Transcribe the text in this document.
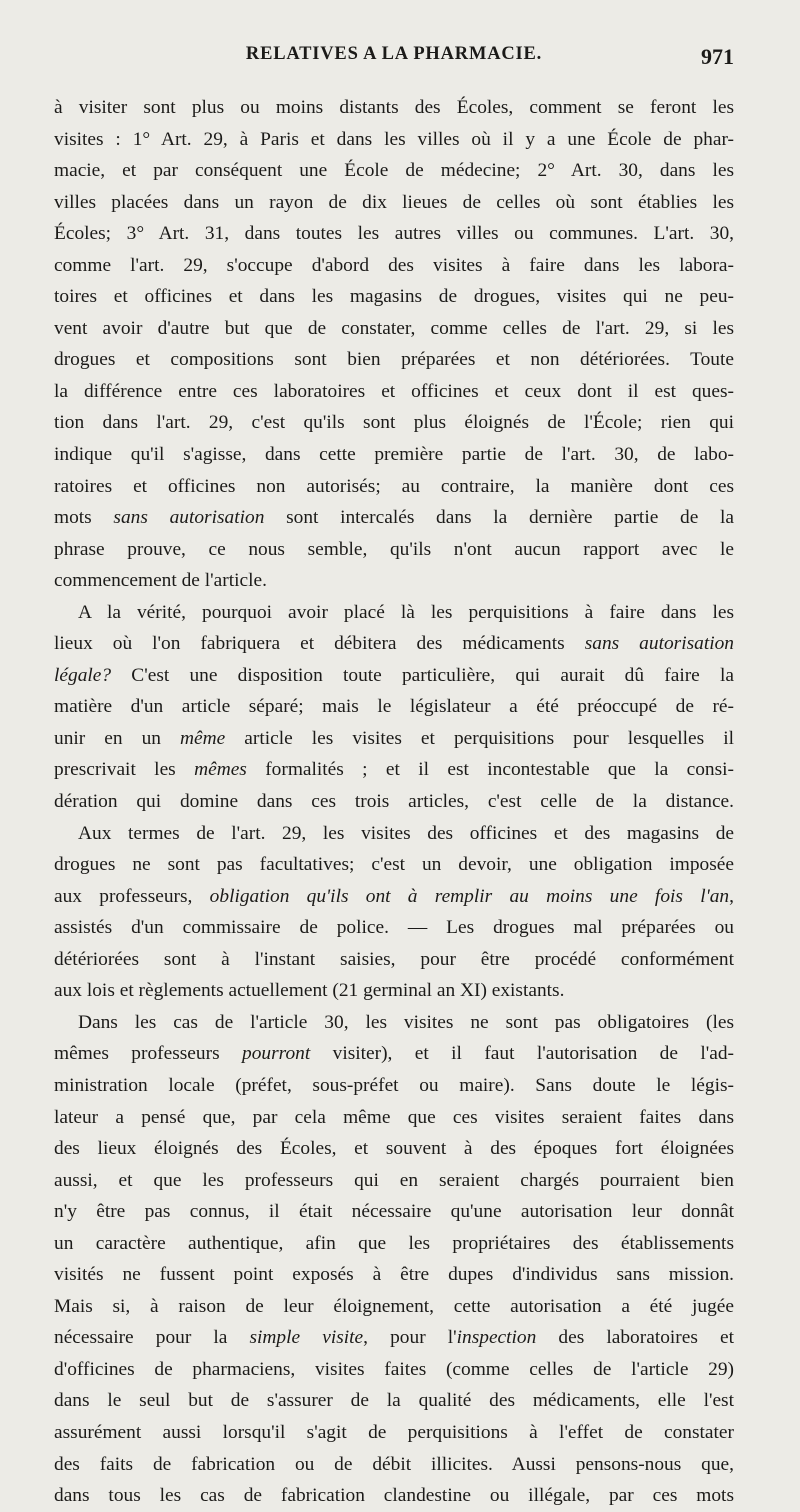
RELATIVES A LA PHARMACIE.	971
à visiter sont plus ou moins distants des Écoles, comment se feront les
visites : 1° Art. 29, à Paris et dans les villes où il y a une École de phar-
macie, et par conséquent une École de médecine; 2° Art. 30, dans les
villes placées dans un rayon de dix lieues de celles où sont établies les
Écoles; 3° Art. 31, dans toutes les autres villes ou communes. L'art. 30,
comme l'art. 29, s'occupe d'abord des visites à faire dans les labora-
toires et officines et dans les magasins de drogues, visites qui ne peu-
vent avoir d'autre but que de constater, comme celles de l'art. 29, si les
drogues et compositions sont bien préparées et non détériorées. Toute
la différence entre ces laboratoires et officines et ceux dont il est ques-
tion dans l'art. 29, c'est qu'ils sont plus éloignés de l'École; rien qui
indique qu'il s'agisse, dans cette première partie de l'art. 30, de labo-
ratoires et officines non autorisés; au contraire, la manière dont ces
mots sans autorisation sont intercalés dans la dernière partie de la
phrase prouve, ce nous semble, qu'ils n'ont aucun rapport avec le
commencement de l'article.
A la vérité, pourquoi avoir placé là les perquisitions à faire dans les
lieux où l'on fabriquera et débitera des médicaments sans autorisation
légale? C'est une disposition toute particulière, qui aurait dû faire la
matière d'un article séparé; mais le législateur a été préoccupé de ré-
unir en un même article les visites et perquisitions pour lesquelles il
prescrivait les mêmes formalités ; et il est incontestable que la consi-
dération qui domine dans ces trois articles, c'est celle de la distance.
Aux termes de l'art. 29, les visites des officines et des magasins de
drogues ne sont pas facultatives; c'est un devoir, une obligation imposée
aux professeurs, obligation qu'ils ont à remplir au moins une fois l'an,
assistés d'un commissaire de police. — Les drogues mal préparées ou
détériorées sont à l'instant saisies, pour être procédé conformément
aux lois et règlements actuellement (21 germinal an XI) existants.
Dans les cas de l'article 30, les visites ne sont pas obligatoires (les
mêmes professeurs pourront visiter), et il faut l'autorisation de l'ad-
ministration locale (préfet, sous-préfet ou maire). Sans doute le légis-
lateur a pensé que, par cela même que ces visites seraient faites dans
des lieux éloignés des Écoles, et souvent à des époques fort éloignées
aussi, et que les professeurs qui en seraient chargés pourraient bien
n'y être pas connus, il était nécessaire qu'une autorisation leur donnât
un caractère authentique, afin que les propriétaires des établissements
visités ne fussent point exposés à être dupes d'individus sans mission.
Mais si, à raison de leur éloignement, cette autorisation a été jugée
nécessaire pour la simple visite, pour l'inspection des laboratoires et
d'officines de pharmaciens, visites faites (comme celles de l'article 29)
dans le seul but de s'assurer de la qualité des médicaments, elle l'est
assurément aussi lorsqu'il s'agit de perquisitions à l'effet de constater
des faits de fabrication ou de débit illicites. Aussi pensons-nous que,
dans tous les cas de fabrication clandestine ou illégale, par ces mots
